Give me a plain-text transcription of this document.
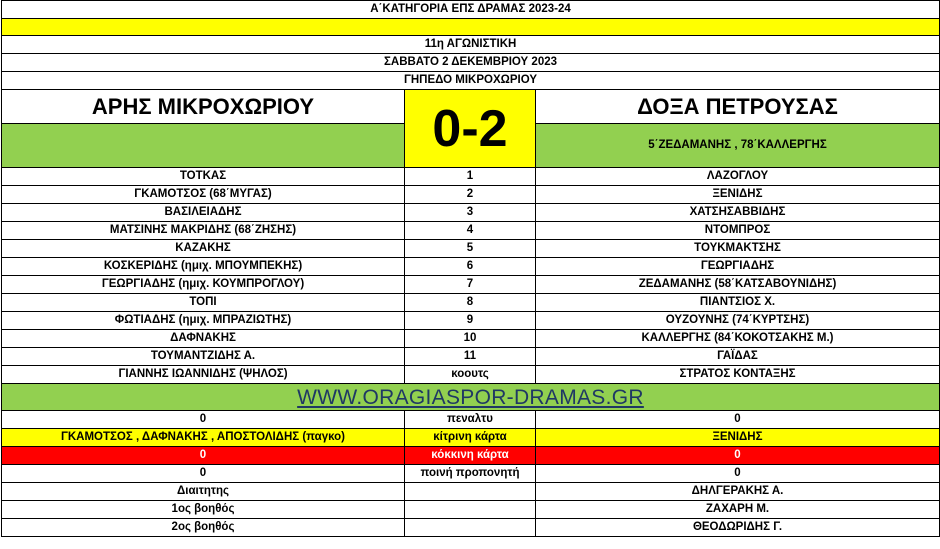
Α΄ΚΑΤΗΓΟΡΙΑ ΕΠΣ ΔΡΑΜΑΣ 2023-24		

11η ΑΓΩΝΙΣΤΙΚΗ		
ΣΑΒΒΑΤΟ 2 ΔΕΚΕΜΒΡΙΟΥ 2023		
ΓΗΠΕΔΟ ΜΙΚΡΟΧΩΡΙΟΥ		
ΑΡΗΣ ΜΙΚΡΟΧΩΡΙΟΥ	0-2	ΔΟΞΑ ΠΕΤΡΟΥΣΑΣ
		5΄ΖΕΔΑΜΑΝΗΣ , 78΄ΚΑΛΛΕΡΓΗΣ
ΤΟΤΚΑΣ	1	ΛΑΖΟΓΛΟΥ
ΓΚΑΜΟΤΣΟΣ (68΄ΜΥΓΑΣ)	2	ΞΕΝΙΔΗΣ
ΒΑΣΙΛΕΙΑΔΗΣ	3	ΧΑΤΣΗΣΑΒΒΙΔΗΣ
ΜΑΤΣΙΝΗΣ ΜΑΚΡΙΔΗΣ (68΄ΖΗΣΗΣ)	4	ΝΤΟΜΠΡΟΣ
ΚΑΖΑΚΗΣ	5	ΤΟΥΚΜΑΚΤΣΗΣ
ΚΟΣΚΕΡΙΔΗΣ (ημιχ. ΜΠΟΥΜΠΕΚΗΣ)	6	ΓΕΩΡΓΙΑΔΗΣ
ΓΕΩΡΓΙΑΔΗΣ (ημιχ. ΚΟΥΜΠΡΟΓΛΟΥ)	7	ΖΕΔΑΜΑΝΗΣ (58΄ΚΑΤΣΑΒΟΥΝΙΔΗΣ)
ΤΟΠΙ	8	ΠΙΑΝΤΣΙΟΣ Χ.
ΦΩΤΙΑΔΗΣ (ημιχ. ΜΠΡΑΖΙΩΤΗΣ)	9	ΟΥΖΟΥΝΗΣ (74΄ΚΥΡΤΣΗΣ)
ΔΑΦΝΑΚΗΣ	10	ΚΑΛΛΕΡΓΗΣ (84΄ΚΟΚΟΤΣΑΚΗΣ Μ.)
ΤΟΥΜΑΝΤΖΙΔΗΣ Α.	11	ΓΑΪΔΑΣ
ΓΙΑΝΝΗΣ ΙΩΑΝΝΙΔΗΣ (ΨΗΛΟΣ)	κοουτς	ΣΤΡΑΤΟΣ ΚΟΝΤΑΞΗΣ
WWW.ORAGIASPOR-DRAMAS.GR		
0	πεναλτυ	0
ΓΚΑΜΟΤΣΟΣ , ΔΑΦΝΑΚΗΣ , ΑΠΟΣΤΟΛΙΔΗΣ (παγκο)	κίτρινη κάρτα	ΞΕΝΙΔΗΣ
0	κόκκινη κάρτα	0
0	ποινή προπονητή	0
Διαιτητης		ΔΗΛΓΕΡΑΚΗΣ Α.
1ος βοηθός		ΖΑΧΑΡΗ Μ.
2ος βοηθός		ΘΕΟΔΩΡΙΔΗΣ Γ.
